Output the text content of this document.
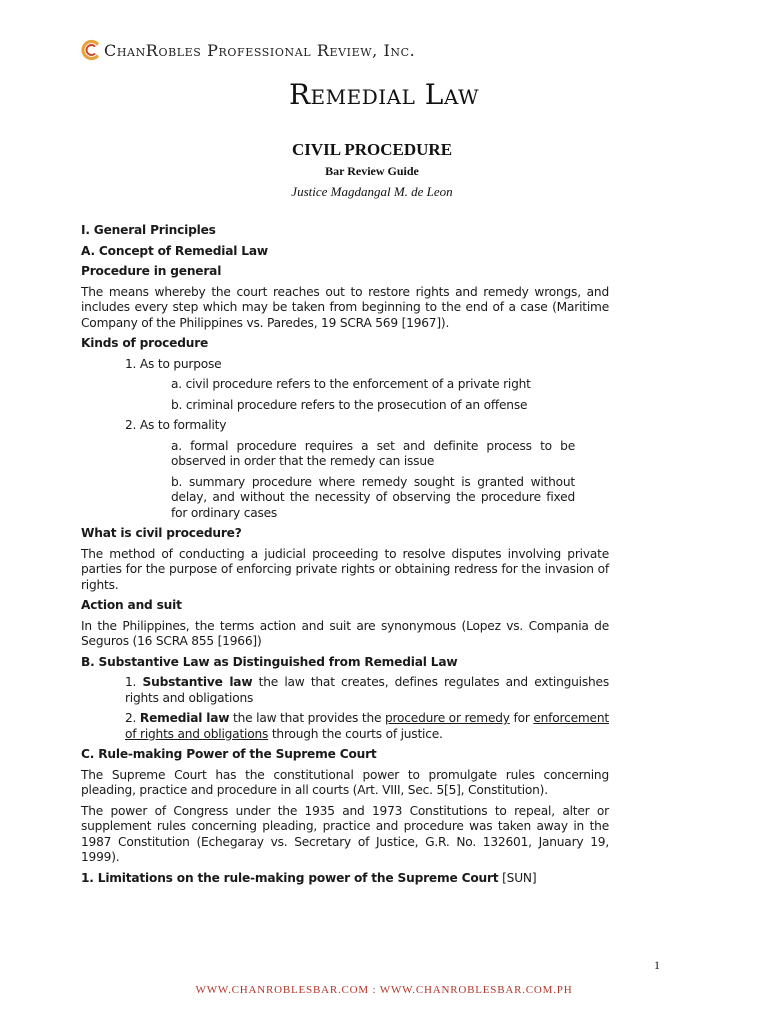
ChanRobles Professional Review, Inc.
Remedial Law
CIVIL PROCEDURE
Bar Review Guide
Justice Magdangal M. de Leon
I. General Principles
A. Concept of Remedial Law
Procedure in general
The means whereby the court reaches out to restore rights and remedy wrongs, and includes every step which may be taken from beginning to the end of a case (Maritime Company of the Philippines vs. Paredes, 19 SCRA 569 [1967]).
Kinds of procedure
1. As to purpose
a. civil procedure refers to the enforcement of a private right
b. criminal procedure refers to the prosecution of an offense
2. As to formality
a. formal procedure requires a set and definite process to be observed in order that the remedy can issue
b. summary procedure where remedy sought is granted without delay, and without the necessity of observing the procedure fixed for ordinary cases
What is civil procedure?
The method of conducting a judicial proceeding to resolve disputes involving private parties for the purpose of enforcing private rights or obtaining redress for the invasion of rights.
Action and suit
In the Philippines, the terms action and suit are synonymous (Lopez vs. Compania de Seguros (16 SCRA 855 [1966])
B. Substantive Law as Distinguished from Remedial Law
1. Substantive law the law that creates, defines regulates and extinguishes rights and obligations
2. Remedial law the law that provides the procedure or remedy for enforcement of rights and obligations through the courts of justice.
C. Rule-making Power of the Supreme Court
The Supreme Court has the constitutional power to promulgate rules concerning pleading, practice and procedure in all courts (Art. VIII, Sec. 5[5], Constitution).
The power of Congress under the 1935 and 1973 Constitutions to repeal, alter or supplement rules concerning pleading, practice and procedure was taken away in the 1987 Constitution (Echegaray vs. Secretary of Justice, G.R. No. 132601, January 19, 1999).
1. Limitations on the rule-making power of the Supreme Court [SUN]
1
WWW.CHANROBLESBAR.COM : WWW.CHANROBLESBAR.COM.PH
